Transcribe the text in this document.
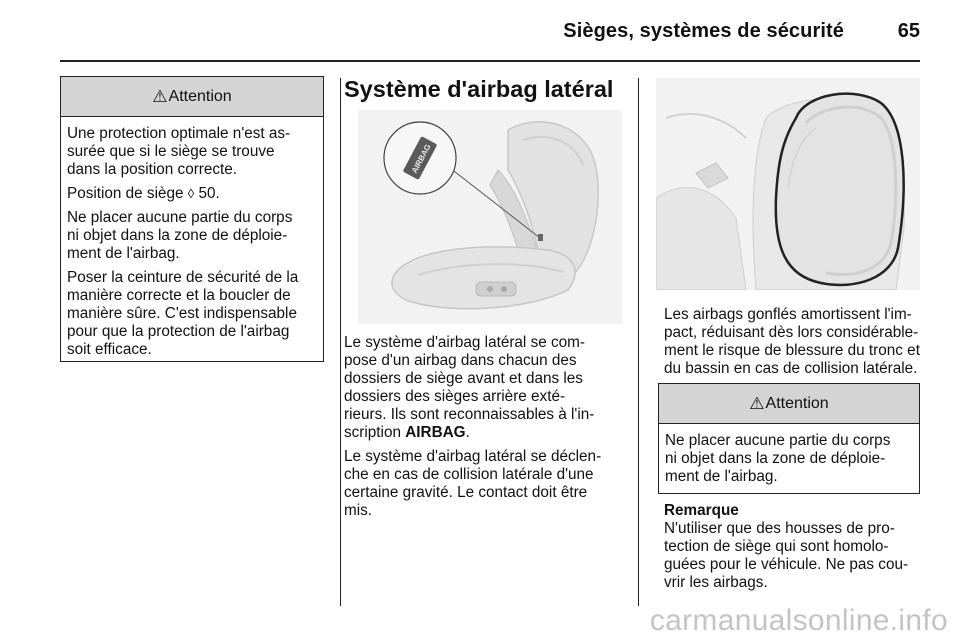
Sièges, systèmes de sécurité	65
⚠ Attention

Une protection optimale n'est as-
surée que si le siège se trouve
dans la position correcte.

Position de siège ◊ 50.

Ne placer aucune partie du corps
ni objet dans la zone de déploie-
ment de l'airbag.

Poser la ceinture de sécurité de la
manière correcte et la boucler de
manière sûre. C'est indispensable
pour que la protection de l'airbag
soit efficace.

Système d'airbag latéral
AIRBAG

Le système d'airbag latéral se com-
pose d'un airbag dans chacun des
dossiers de siège avant et dans les
dossiers des sièges arrière exté-
rieurs. Ils sont reconnaissables à l'in-
scription AIRBAG.

Le système d'airbag latéral se déclen-
che en cas de collision latérale d'une
certaine gravité. Le contact doit être
mis.

Les airbags gonflés amortissent l'im-
pact, réduisant dès lors considérable-
ment le risque de blessure du tronc et
du bassin en cas de collision latérale.

⚠ Attention

Ne placer aucune partie du corps
ni objet dans la zone de déploie-
ment de l'airbag.

Remarque
N'utiliser que des housses de pro-
tection de siège qui sont homolo-
guées pour le véhicule. Ne pas cou-
vrir les airbags.
carmanualsonline.info
